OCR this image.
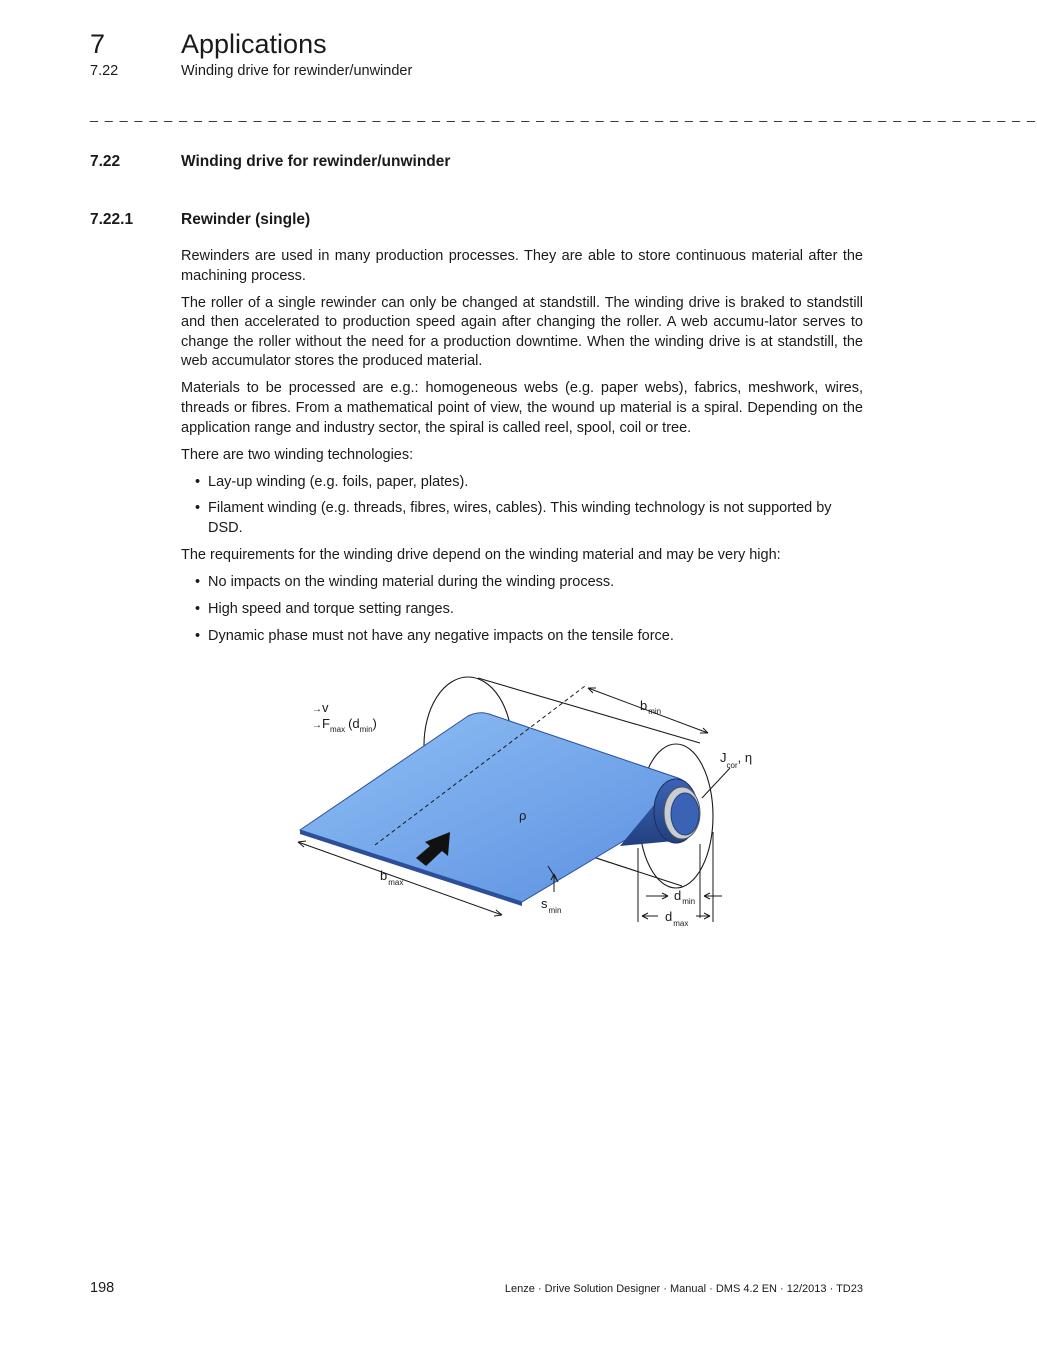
7	Applications
7.22	Winding drive for rewinder/unwinder
_ _ _ _ _ _ _ _ _ _ _ _ _ _ _ _ _ _ _ _ _ _ _ _ _ _ _ _ _ _ _ _ _ _ _ _ _ _ _ _ _ _ _ _ _ _ _ _ _ _ _ _ _ _ _ _ _ _ _ _ _ _ _ _
7.22	Winding drive for rewinder/unwinder
7.22.1	Rewinder (single)

Rewinders are used in many production processes. They are able to store continuous material after the machining process.

The roller of a single rewinder can only be changed at standstill. The winding drive is braked to standstill and then accelerated to production speed again after changing the roller. A web accumu-lator serves to change the roller without the need for a production downtime. When the winding drive is at standstill, the web accumulator stores the produced material.

Materials to be processed are e.g.: homogeneous webs (e.g. paper webs), fabrics, meshwork, wires, threads or fibres. From a mathematical point of view, the wound up material is a spiral. Depending on the application range and industry sector, the spiral is called reel, spool, coil or tree.

There are two winding technologies:

• Lay-up winding (e.g. foils, paper, plates).
• Filament winding (e.g. threads, fibres, wires, cables). This winding technology is not supported by DSD.

The requirements for the winding drive depend on the winding material and may be very high:

• No impacts on the winding material during the winding process.
• High speed and torque setting ranges.
• Dynamic phase must not have any negative impacts on the tensile force.
→v
$\to F_{max}$ $(d_{min})$
$b_{min}$
$J_{cor}$, η
ρ
$b_{max}$
$s_{min}$
$d_{min}$
$d_{max}$
198	Lenze · Drive Solution Designer · Manual · DMS 4.2 EN · 12/2013 · TD23
